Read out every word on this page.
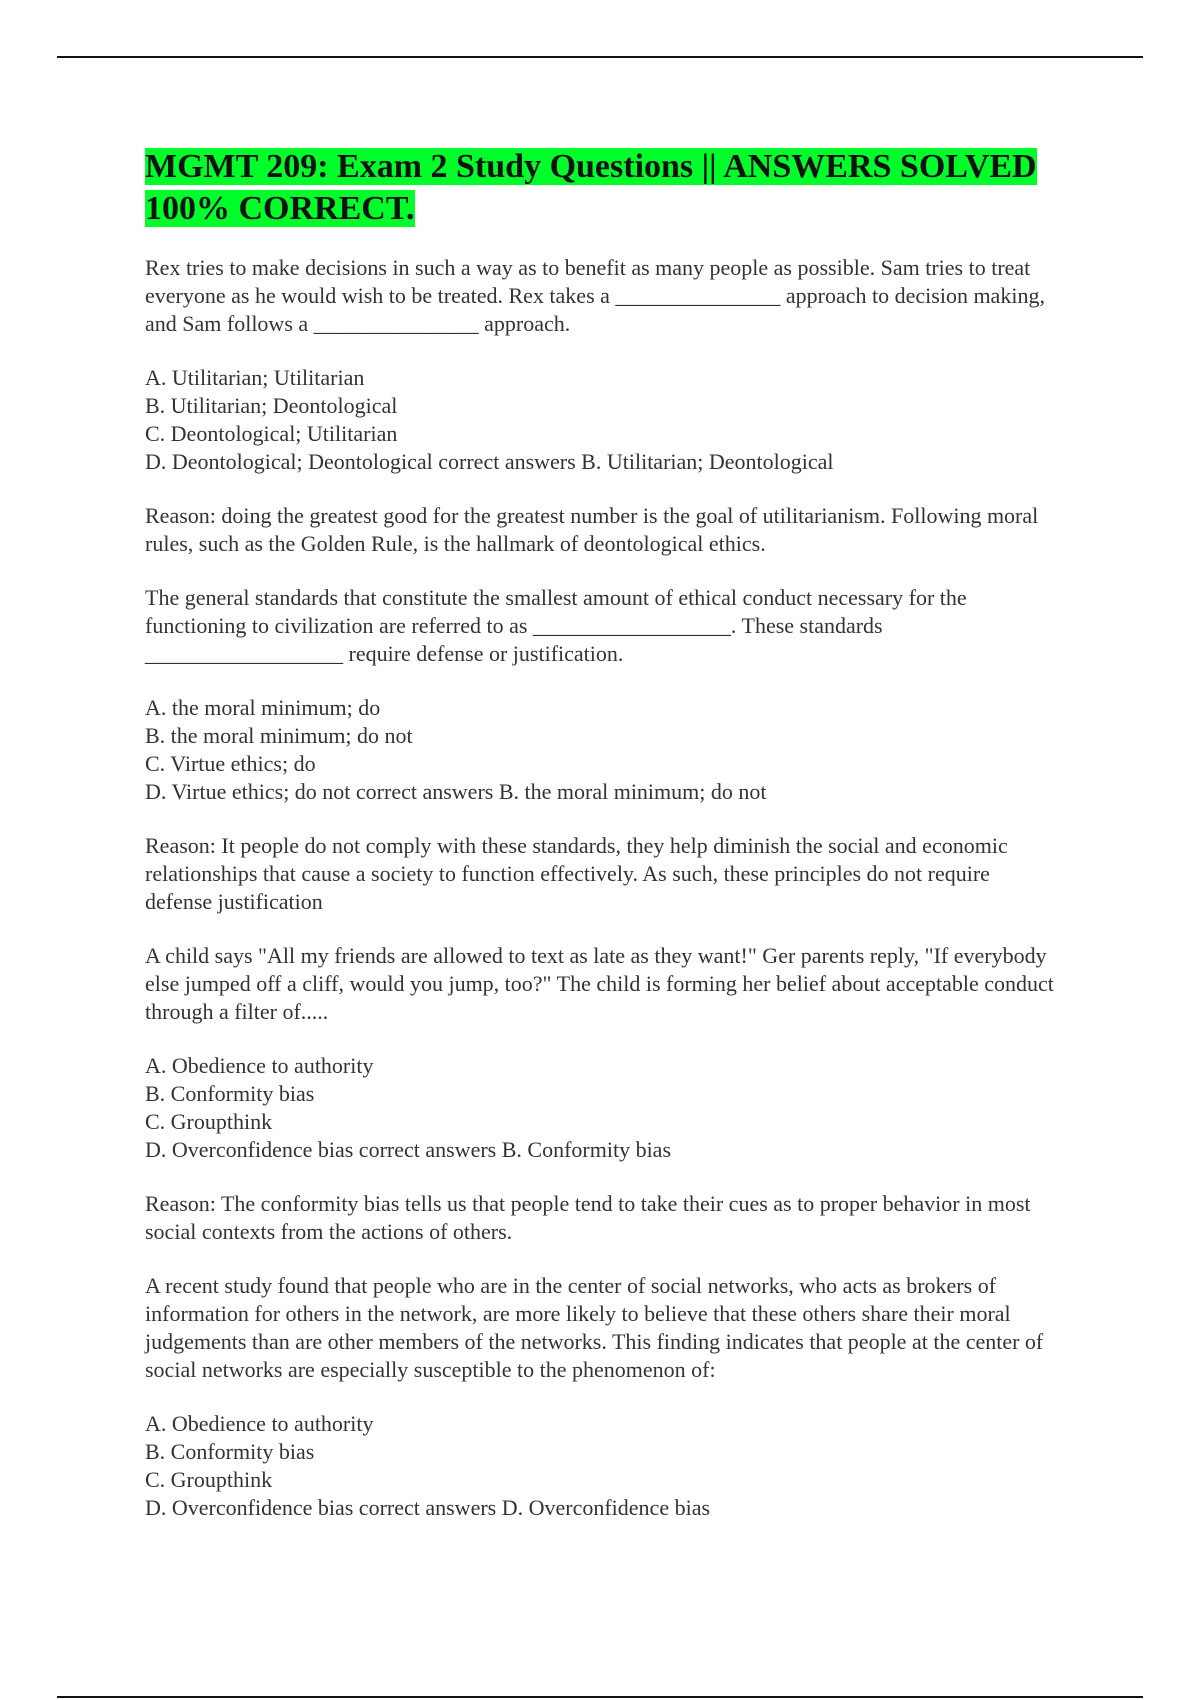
MGMT 209: Exam 2 Study Questions || ANSWERS SOLVED 100% CORRECT.

Rex tries to make decisions in such a way as to benefit as many people as possible. Sam tries to treat everyone as he would wish to be treated. Rex takes a _______________ approach to decision making, and Sam follows a _______________ approach.

A. Utilitarian; Utilitarian

B. Utilitarian; Deontological

C. Deontological; Utilitarian

D. Deontological; Deontological correct answers B. Utilitarian; Deontological

Reason: doing the greatest good for the greatest number is the goal of utilitarianism. Following moral rules, such as the Golden Rule, is the hallmark of deontological ethics.

The general standards that constitute the smallest amount of ethical conduct necessary for the functioning to civilization are referred to as __________________. These standards __________________ require defense or justification.

A. the moral minimum; do

B. the moral minimum; do not

C. Virtue ethics; do

D. Virtue ethics; do not correct answers B. the moral minimum; do not

Reason: It people do not comply with these standards, they help diminish the social and economic relationships that cause a society to function effectively. As such, these principles do not require defense justification

A child says "All my friends are allowed to text as late as they want!" Ger parents reply, "If everybody else jumped off a cliff, would you jump, too?" The child is forming her belief about acceptable conduct through a filter of.....

A. Obedience to authority

B. Conformity bias

C. Groupthink

D. Overconfidence bias correct answers B. Conformity bias

Reason: The conformity bias tells us that people tend to take their cues as to proper behavior in most social contexts from the actions of others.

A recent study found that people who are in the center of social networks, who acts as brokers of information for others in the network, are more likely to believe that these others share their moral judgements than are other members of the networks. This finding indicates that people at the center of social networks are especially susceptible to the phenomenon of:

A. Obedience to authority

B. Conformity bias

C. Groupthink

D. Overconfidence bias correct answers D. Overconfidence bias
